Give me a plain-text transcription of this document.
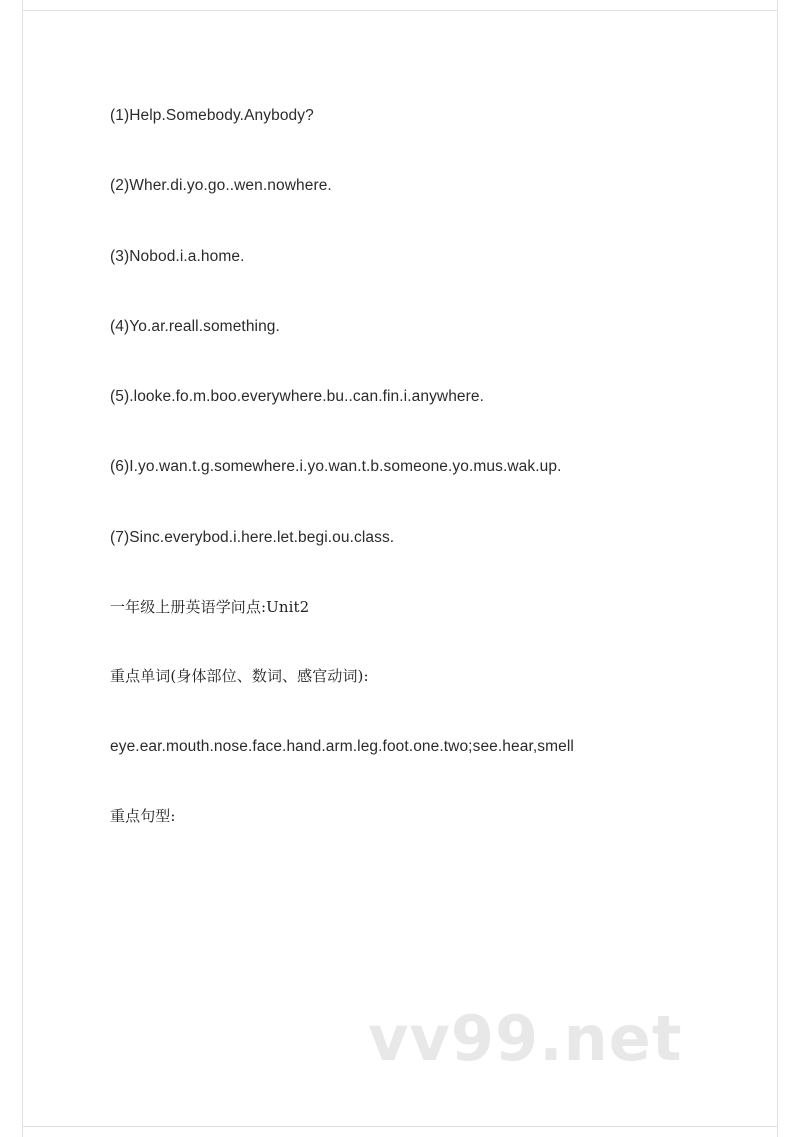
(1)Help.Somebody.Anybody?

(2)Wher.di.yo.go..wen.nowhere.

(3)Nobod.i.a.home.

(4)Yo.ar.reall.something.

(5).looke.fo.m.boo.everywhere.bu..can.fin.i.anywhere.

(6)I.yo.wan.t.g.somewhere.i.yo.wan.t.b.someone.yo.mus.wak.up.

(7)Sinc.everybod.i.here.let.begi.ou.class.

一年级上册英语学问点:Unit2

重点单词(身体部位、数词、感官动词):

eye.ear.mouth.nose.face.hand.arm.leg.foot.one.two;see.hear,smell

重点句型:

vv99.net
